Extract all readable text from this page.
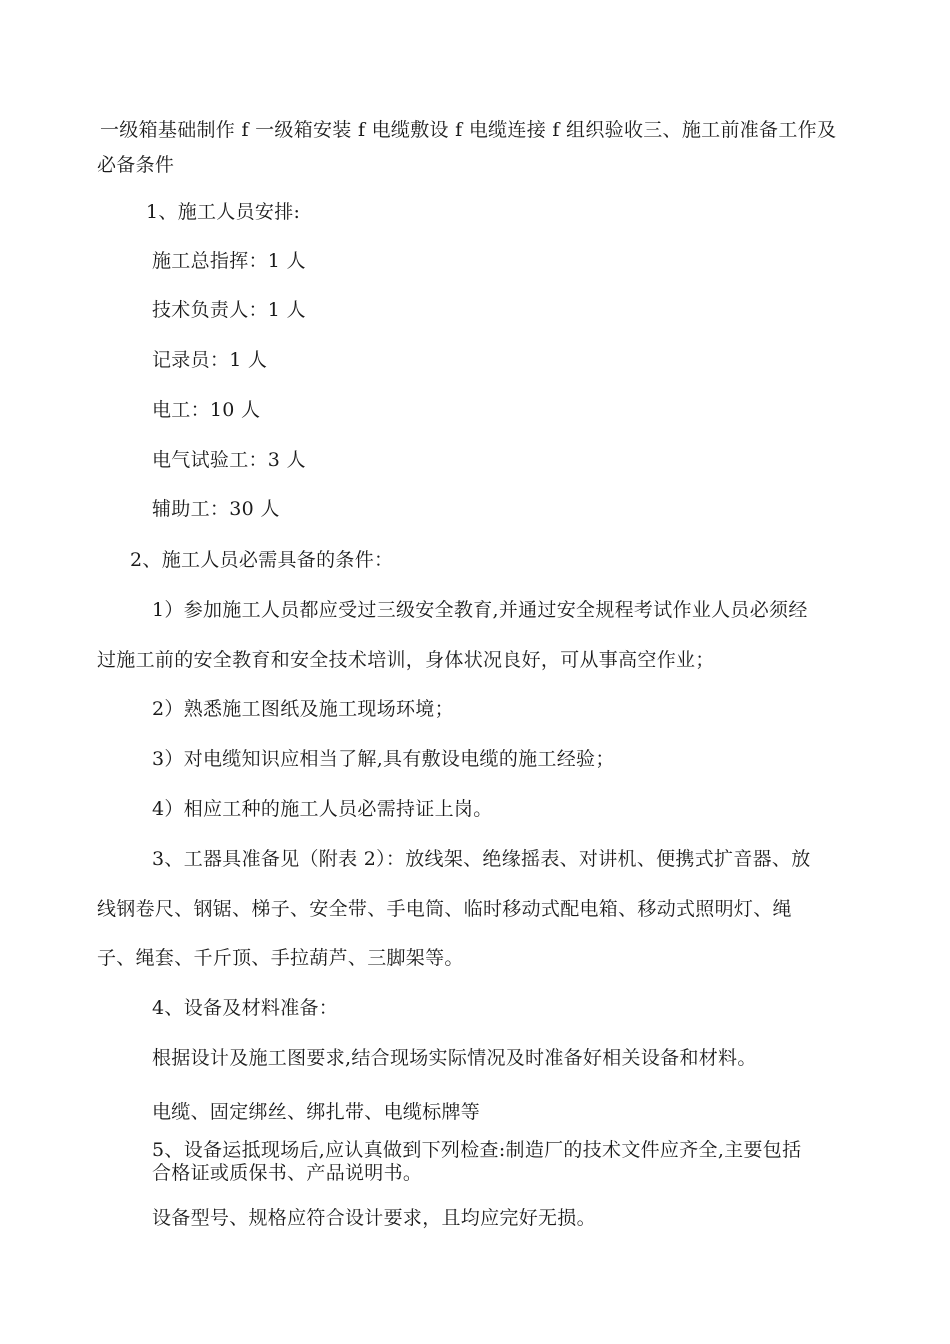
一级箱基础制作 f 一级箱安装 f 电缆敷设 f 电缆连接 f 组织验收三、施工前准备工作及
必备条件
1、施工人员安排:
施工总指挥：1 人
技术负责人：1 人
记录员：1 人
电工：10 人
电气试验工：3 人
辅助工：30 人
2、施工人员必需具备的条件：
1）参加施工人员都应受过三级安全教育,并通过安全规程考试作业人员必须经
过施工前的安全教育和安全技术培训，身体状况良好，可从事高空作业；
2）熟悉施工图纸及施工现场环境；
3）对电缆知识应相当了解,具有敷设电缆的施工经验；
4）相应工种的施工人员必需持证上岗。
3、工器具准备见（附表 2）：放线架、绝缘摇表、对讲机、便携式扩音器、放
线钢卷尺、钢锯、梯子、安全带、手电筒、临时移动式配电箱、移动式照明灯、绳
子、绳套、千斤顶、手拉葫芦、三脚架等。
4、设备及材料准备：
根据设计及施工图要求,结合现场实际情况及时准备好相关设备和材料。
电缆、固定绑丝、绑扎带、电缆标牌等
5、设备运抵现场后,应认真做到下列检查:制造厂的技术文件应齐全,主要包括
合格证或质保书、产品说明书。
设备型号、规格应符合设计要求，且均应完好无损。
